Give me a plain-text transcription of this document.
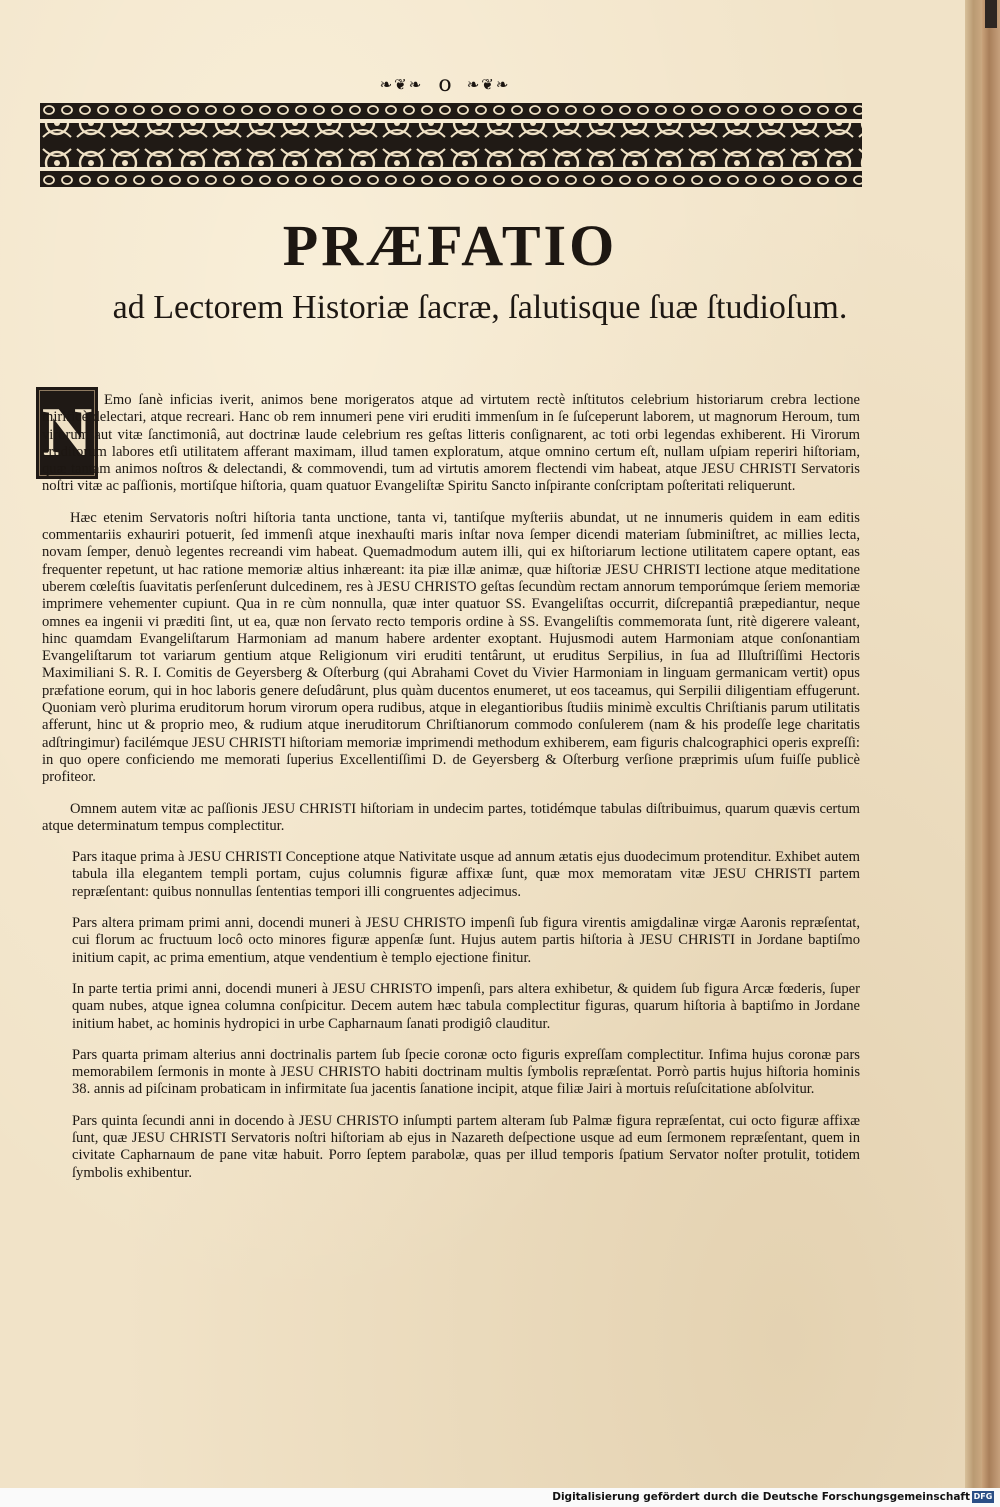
❧❦❧ o ❧❦❧
PRÆFATIO
ad Lectorem Historiæ ſacræ, ſalutisque ſuæ ſtudioſum.
N Emo ſanè inficias iverit, animos bene morigeratos atque ad virtutem rectè inſtitutos celebrium historiarum crebra lectione mirificè delectari, atque recreari. Hanc ob rem innumeri pene viri eruditi immenſum in ſe ſuſceperunt laborem, ut magnorum Heroum, tum virorum aut vitæ ſanctimoniâ, aut doctrinæ laude celebrium res geſtas litteris conſignarent, ac toti orbi legendas exhiberent. Hi Virorum eruditorum labores etſi utilitatem afferant maximam, illud tamen exploratum, atque omnino certum eſt, nullam uſpiam reperiri hiſtoriam, quæ tantam animos noſtros & delectandi, & commovendi, tum ad virtutis amorem flectendi vim habeat, atque JESU CHRISTI Servatoris noſtri vitæ ac paſſionis, mortiſque hiſtoria, quam quatuor Evangeliſtæ Spiritu Sancto inſpirante conſcriptam poſteritati reliquerunt.

Hæc etenim Servatoris noſtri hiſtoria tanta unctione, tanta vi, tantiſque myſteriis abundat, ut ne innumeris quidem in eam editis commentariis exhauriri potuerit, ſed immenſi atque inexhauſti maris inſtar nova ſemper dicendi materiam ſubminiſtret, ac millies lecta, novam ſemper, denuò legentes recreandi vim habeat. Quemadmodum autem illi, qui ex hiſtoriarum lectione utilitatem capere optant, eas frequenter repetunt, ut hac ratione memoriæ altius inhæreant: ita piæ illæ animæ, quæ hiſtoriæ JESU CHRISTI lectione atque meditatione uberem cœleſtis ſuavitatis perſenſerunt dulcedinem, res à JESU CHRISTO geſtas ſecundùm rectam annorum temporúmque ſeriem memoriæ imprimere vehementer cupiunt. Qua in re cùm nonnulla, quæ inter quatuor SS. Evangeliſtas occurrit, diſcrepantiâ præpediantur, neque omnes ea ingenii vi præditi ſint, ut ea, quæ non ſervato recto temporis ordine à SS. Evangeliſtis commemorata ſunt, ritè digerere valeant, hinc quamdam Evangeliſtarum Harmoniam ad manum habere ardenter exoptant. Hujusmodi autem Harmoniam atque conſonantiam Evangeliſtarum tot variarum gentium atque Religionum viri eruditi tentârunt, ut eruditus Serpilius, in ſua ad Illuſtriſſimi Hectoris Maximiliani S. R. I. Comitis de Geyersberg & Oſterburg (qui Abrahami Covet du Vivier Harmoniam in linguam germanicam vertit) opus præfatione eorum, qui in hoc laboris genere deſudârunt, plus quàm ducentos enumeret, ut eos taceamus, qui Serpilii diligentiam effugerunt. Quoniam verò plurima eruditorum horum virorum opera rudibus, atque in elegantioribus ſtudiis minimè excultis Chriſtianis parum utilitatis afferunt, hinc ut & proprio meo, & rudium atque ineruditorum Chriſtianorum commodo conſulerem (nam & his prodeſſe lege charitatis adſtringimur) facilémque JESU CHRISTI hiſtoriam memoriæ imprimendi methodum exhiberem, eam figuris chalcographici operis expreſſi: in quo opere conficiendo me memorati ſuperius Excellentiſſimi D. de Geyersberg & Oſterburg verſione præprimis uſum fuiſſe publicè profiteor.

Omnem autem vitæ ac paſſionis JESU CHRISTI hiſtoriam in undecim partes, totidémque tabulas diſtribuimus, quarum quævis certum atque determinatum tempus complectitur.

Pars itaque prima à JESU CHRISTI Conceptione atque Nativitate usque ad annum ætatis ejus duodecimum protenditur. Exhibet autem tabula illa elegantem templi portam, cujus columnis figuræ affixæ ſunt, quæ mox memoratam vitæ JESU CHRISTI partem repræſentant: quibus nonnullas ſententias tempori illi congruentes adjecimus.

Pars altera primam primi anni, docendi muneri à JESU CHRISTO impenſi ſub figura virentis amigdalinæ virgæ Aaronis repræſentat, cui florum ac fructuum locô octo minores figuræ appenſæ ſunt. Hujus autem partis hiſtoria à JESU CHRISTI in Jordane baptiſmo initium capit, ac prima ementium, atque vendentium è templo ejectione finitur.

In parte tertia primi anni, docendi muneri à JESU CHRISTO impenſi, pars altera exhibetur, & quidem ſub figura Arcæ fœderis, ſuper quam nubes, atque ignea columna conſpicitur. Decem autem hæc tabula complectitur figuras, quarum hiſtoria à baptiſmo in Jordane initium habet, ac hominis hydropici in urbe Capharnaum ſanati prodigiô clauditur.

Pars quarta primam alterius anni doctrinalis partem ſub ſpecie coronæ octo figuris expreſſam complectitur. Infima hujus coronæ pars memorabilem ſermonis in monte à JESU CHRISTO habiti doctrinam multis ſymbolis repræſentat. Porrò partis hujus hiſtoria hominis 38. annis ad piſcinam probaticam in infirmitate ſua jacentis ſanatione incipit, atque filiæ Jairi à mortuis reſuſcitatione abſolvitur.

Pars quinta ſecundi anni in docendo à JESU CHRISTO inſumpti partem alteram ſub Palmæ figura repræſentat, cui octo figuræ affixæ ſunt, quæ JESU CHRISTI Servatoris noſtri hiſtoriam ab ejus in Nazareth deſpectione usque ad eum ſermonem repræſentant, quem in civitate Capharnaum de pane vitæ habuit. Porro ſeptem parabolæ, quas per illud temporis ſpatium Servator noſter protulit, totidem ſymbolis exhibentur.

Digitalisierung gefördert durch die Deutsche Forschungsgemeinschaft DFG
